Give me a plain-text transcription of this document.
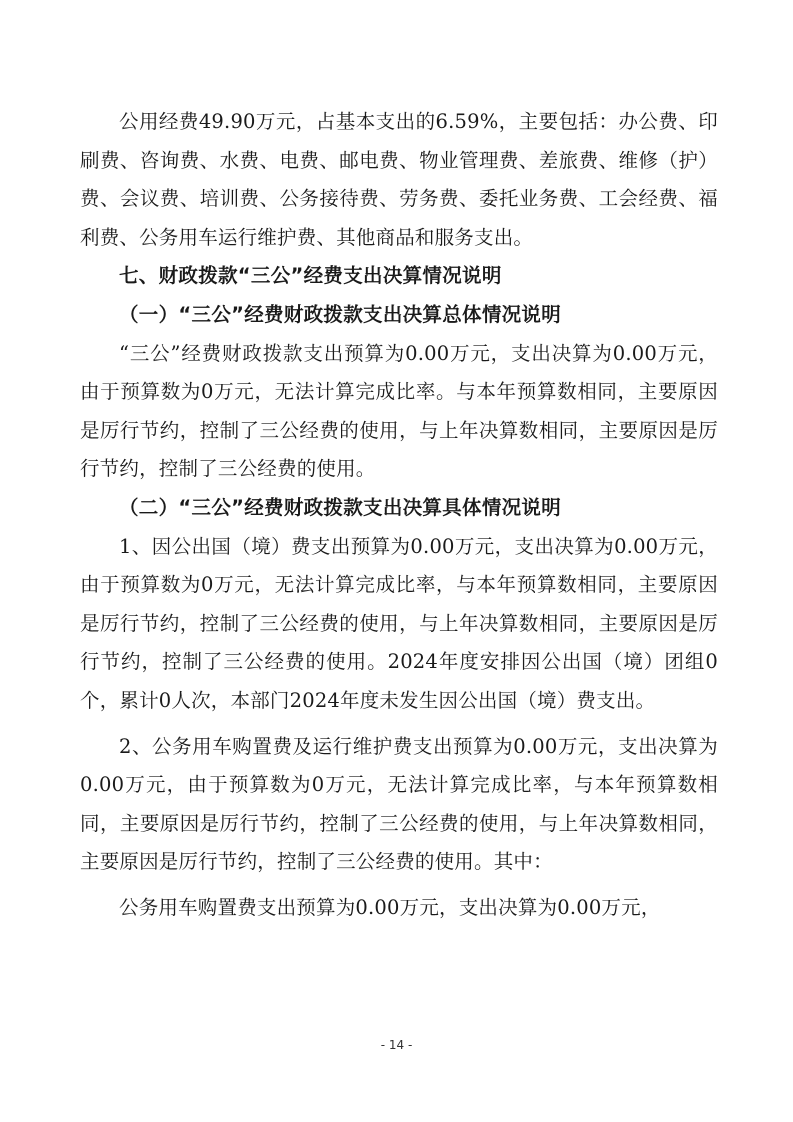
公用经费49.90万元，占基本支出的6.59%，主要包括：办公费、印刷费、咨询费、水费、电费、邮电费、物业管理费、差旅费、维修（护）费、会议费、培训费、公务接待费、劳务费、委托业务费、工会经费、福利费、公务用车运行维护费、其他商品和服务支出。

七、财政拨款“三公”经费支出决算情况说明

（一）“三公”经费财政拨款支出决算总体情况说明

“三公”经费财政拨款支出预算为0.00万元，支出决算为0.00万元，由于预算数为0万元，无法计算完成比率。与本年预算数相同，主要原因是厉行节约，控制了三公经费的使用，与上年决算数相同，主要原因是厉行节约，控制了三公经费的使用。

（二）“三公”经费财政拨款支出决算具体情况说明

1、因公出国（境）费支出预算为0.00万元，支出决算为0.00万元，由于预算数为0万元，无法计算完成比率，与本年预算数相同，主要原因是厉行节约，控制了三公经费的使用，与上年决算数相同，主要原因是厉行节约，控制了三公经费的使用。2024年度安排因公出国（境）团组0个，累计0人次，本部门2024年度未发生因公出国（境）费支出。

2、公务用车购置费及运行维护费支出预算为0.00万元，支出决算为0.00万元，由于预算数为0万元，无法计算完成比率，与本年预算数相同，主要原因是厉行节约，控制了三公经费的使用，与上年决算数相同，主要原因是厉行节约，控制了三公经费的使用。其中：

公务用车购置费支出预算为0.00万元，支出决算为0.00万元，

- 14 -
